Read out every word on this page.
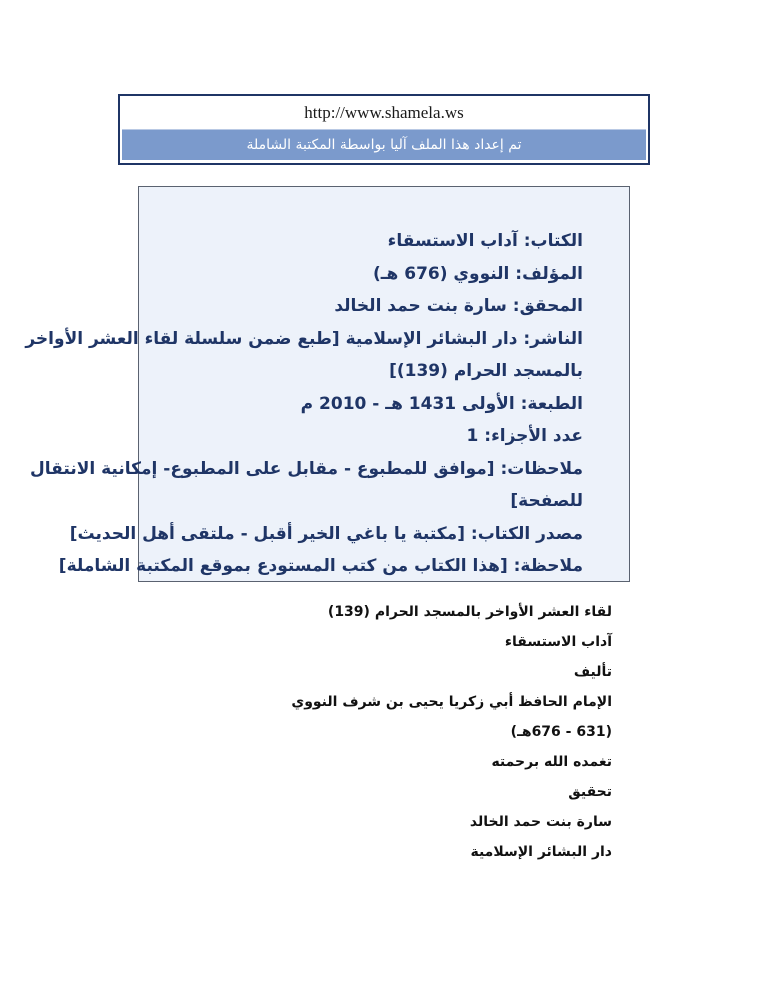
http://www.shamela.ws
تم إعداد هذا الملف آليا بواسطة المكتبة الشاملة
الكتاب: آداب الاستسقاء
المؤلف: النووي (676 هـ)
المحقق: سارة بنت حمد الخالد
الناشر: دار البشائر الإسلامية [طبع ضمن سلسلة لقاء العشر الأواخر
بالمسجد الحرام (139)]
الطبعة: الأولى 1431 هـ - 2010 م
عدد الأجزاء: 1
ملاحظات: [موافق للمطبوع - مقابل على المطبوع- إمكانية الانتقال
للصفحة]
مصدر الكتاب: [مكتبة يا باغي الخير أقبل - ملتقى أهل الحديث]
ملاحظة: [هذا الكتاب من كتب المستودع بموقع المكتبة الشاملة]
لقاء العشر الأواخر بالمسجد الحرام (139)
آداب الاستسقاء
تأليف
الإمام الحافظ أبي زكريا يحيى بن شرف النووي
(631 - 676هـ)
تغمده الله برحمته
تحقيق
سارة بنت حمد الخالد
دار البشائر الإسلامية
